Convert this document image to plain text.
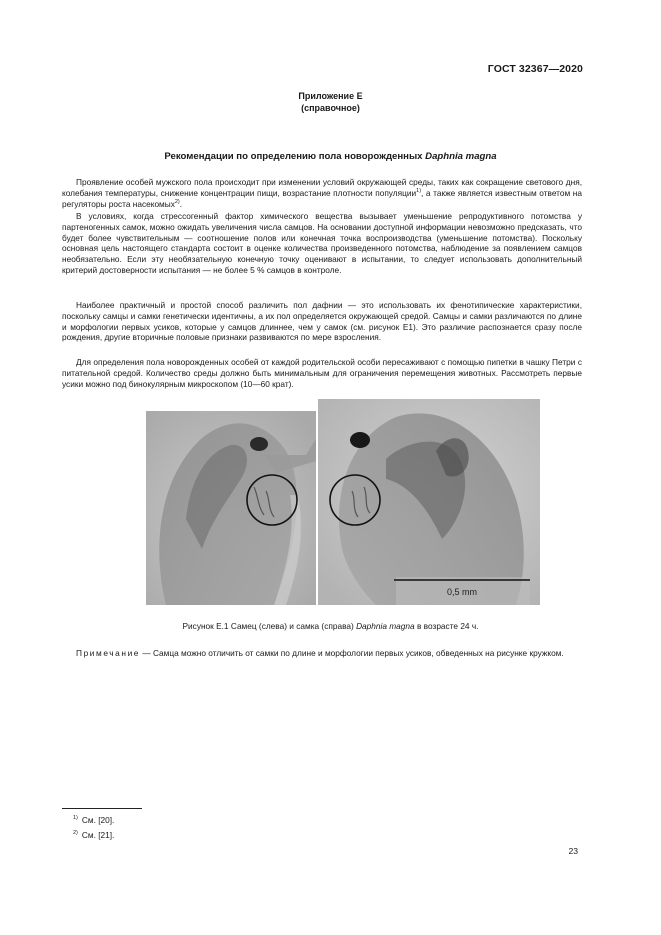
ГОСТ 32367—2020
Приложение Е
(справочное)
Рекомендации по определению пола новорожденных Daphnia magna

Проявление особей мужского пола происходит при изменении условий окружающей среды, таких как сокращение светового дня, колебания температуры, снижение концентрации пищи, возрастание плотности популяции$^{1)}$, а также является известным ответом на регуляторы роста насекомых$^{2)}$.

В условиях, когда стрессогенный фактор химического вещества вызывает уменьшение репродуктивного потомства у партеногенных самок, можно ожидать увеличения числа самцов. На основании доступной информации невозможно предсказать, что будет более чувствительным — соотношение полов или конечная точка воспроизводства (уменьшение потомства). Поскольку основная цель настоящего стандарта состоит в оценке количества произведенного потомства, наблюдение за появлением самцов необязательно. Если эту необязательную конечную точку оценивают в испытании, то следует использовать дополнительный критерий достоверности испытания — не более 5 % самцов в контроле.

Наиболее практичный и простой способ различить пол дафнии — это использовать их фенотипические характеристики, поскольку самцы и самки генетически идентичны, а их пол определяется окружающей средой. Самцы и самки различаются по длине и морфологии первых усиков, которые у самцов длиннее, чем у самок (см. рисунок Е1). Это различие распознается сразу после рождения, другие вторичные половые признаки развиваются по мере взросления.

Для определения пола новорожденных особей от каждой родительской особи пересаживают с помощью пипетки в чашку Петри с питательной средой. Количество среды должно быть минимальным для ограничения перемещения животных. Рассмотреть первые усики можно под бинокулярным микроскопом (10—60 крат).

0,5 mm
Рисунок Е.1 Самец (слева) и самка (справа) Daphnia magna в возрасте 24 ч.
Примечание — Самца можно отличить от самки по длине и морфологии первых усиков, обведенных на рисунке кружком.
$^{1)}$ См. [20].
$^{2)}$ См. [21].
23
